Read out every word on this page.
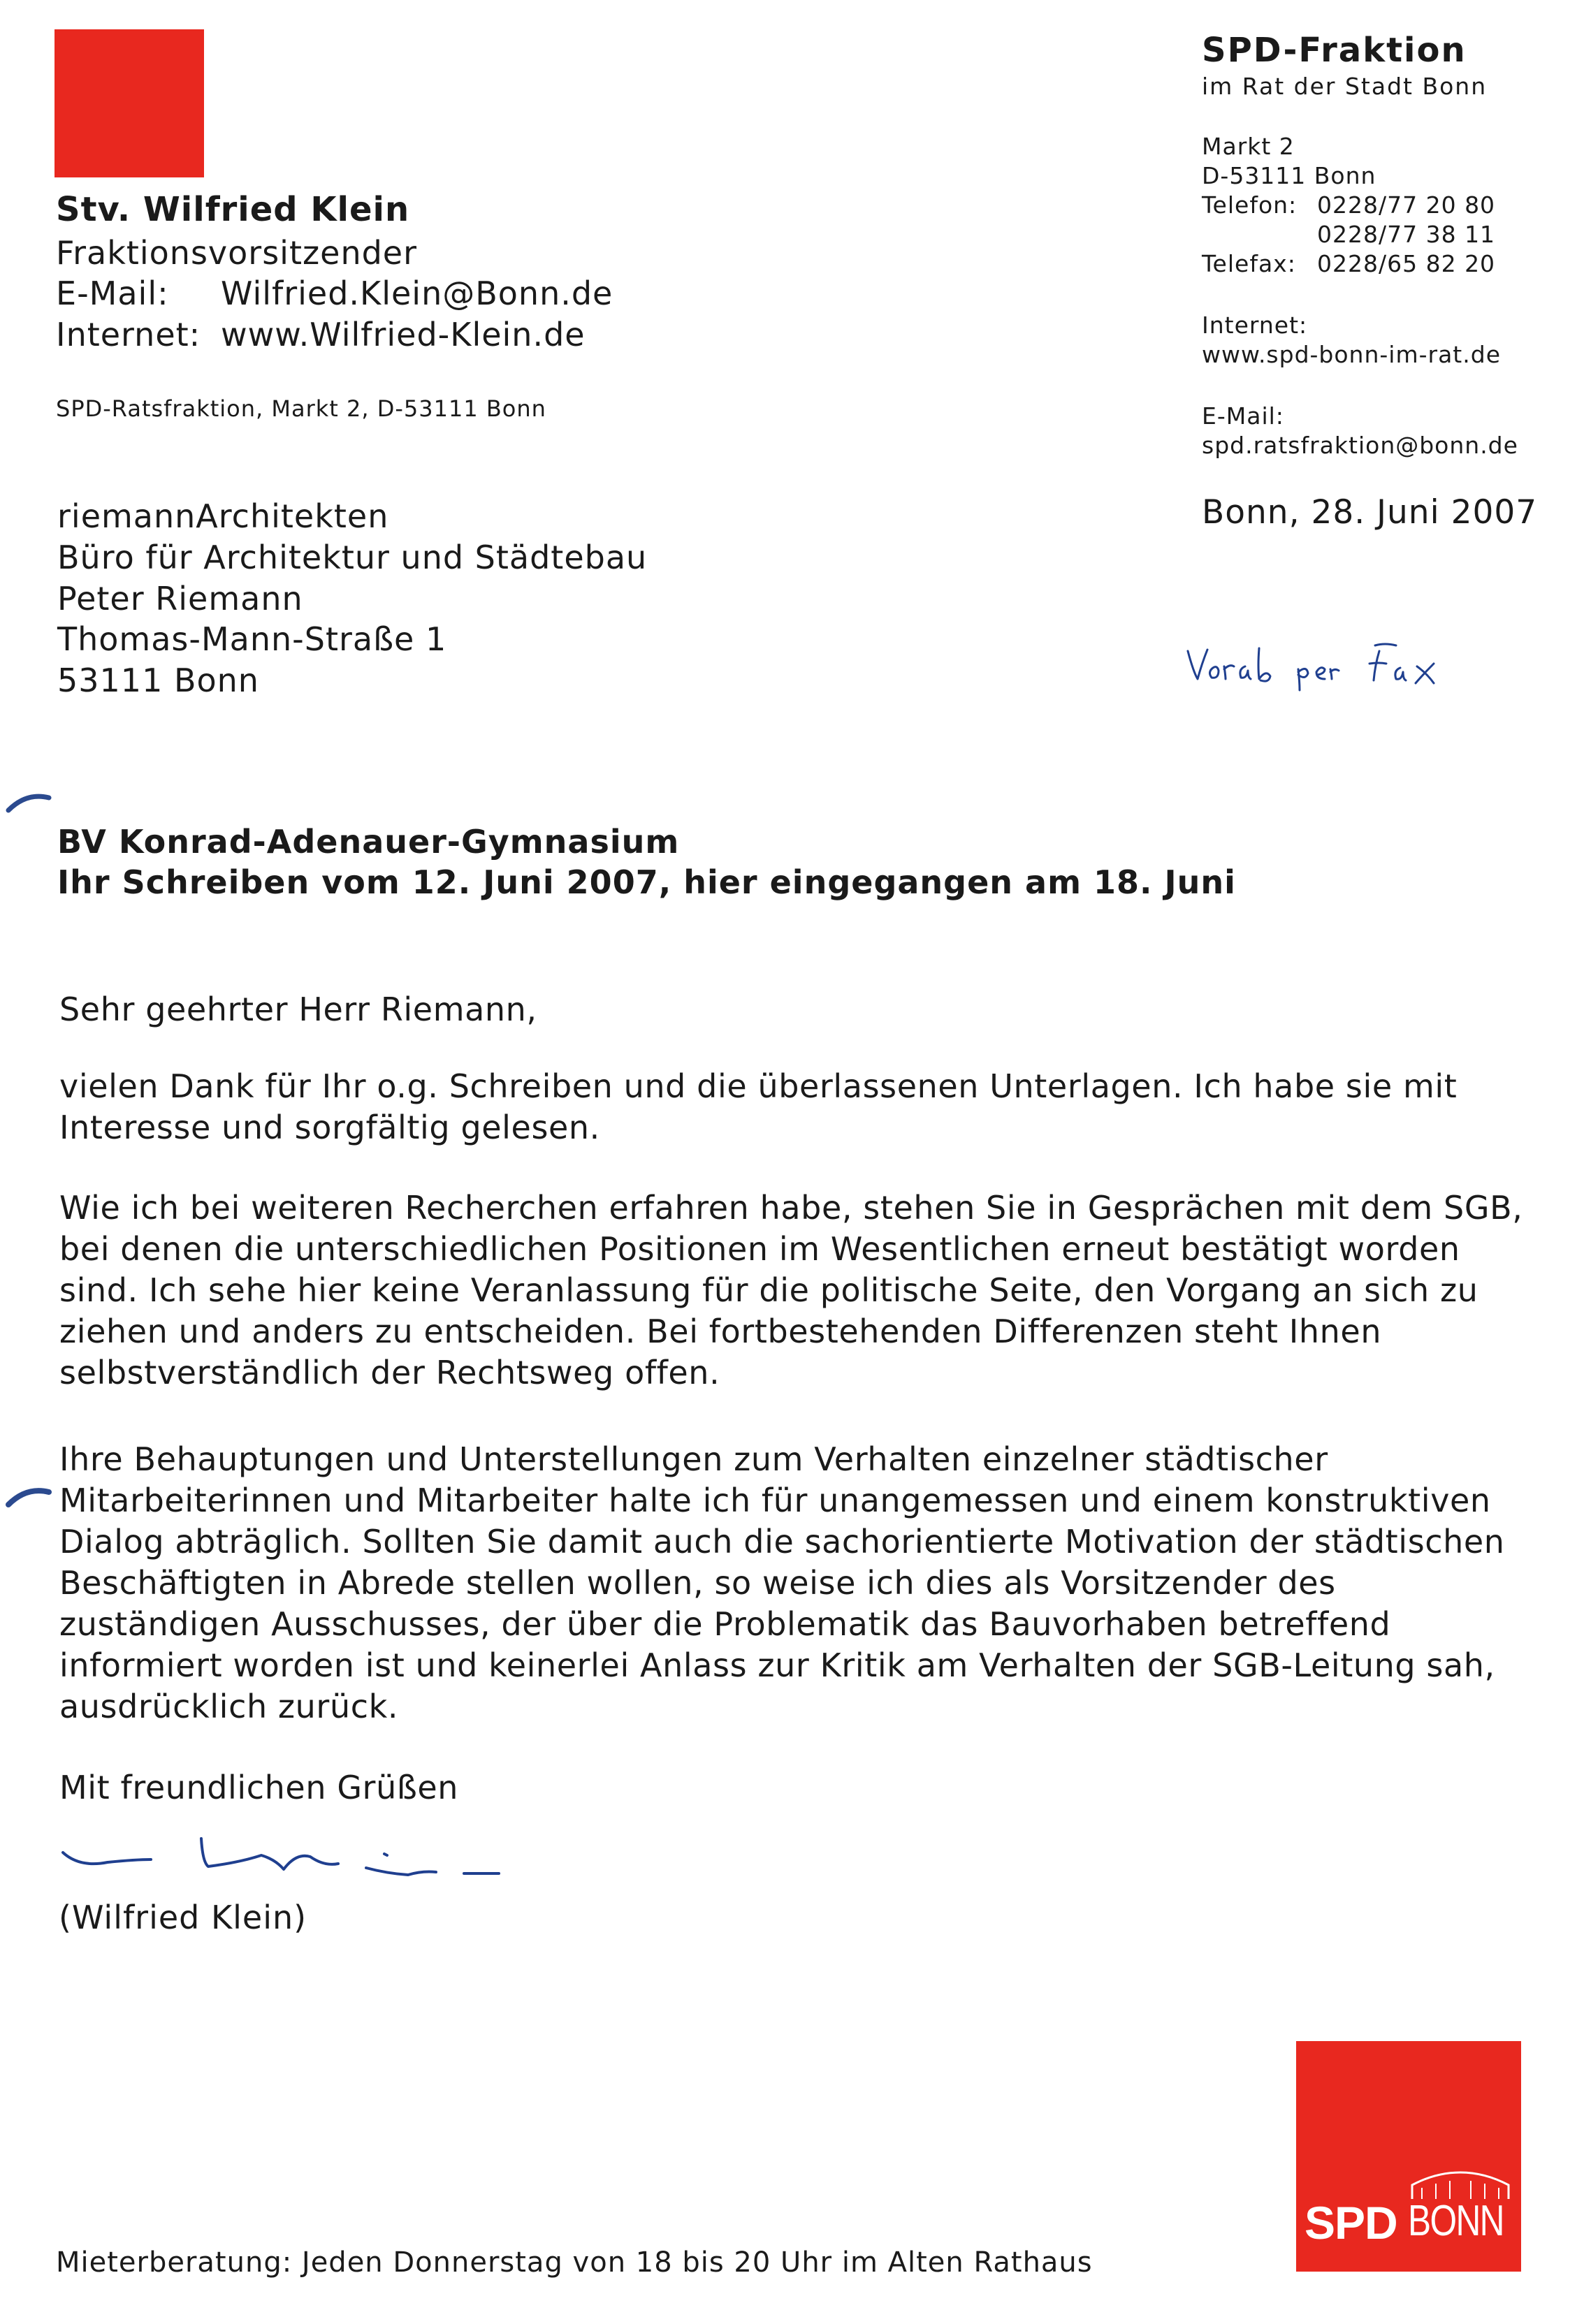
Stv. Wilfried Klein
Fraktionsvorsitzender
E-Mail: Wilfried.Klein@Bonn.de
Internet: www.Wilfried-Klein.de
SPD-Ratsfraktion, Markt 2, D-53111 Bonn
riemannArchitekten
Büro für Architektur und Städtebau
Peter Riemann
Thomas-Mann-Straße 1
53111 Bonn
SPD-Fraktion
im Rat der Stadt Bonn
Markt 2
D-53111 Bonn
Telefon: 0228/77 20 80
0228/77 38 11
Telefax: 0228/65 82 20
Internet:
www.spd-bonn-im-rat.de
E-Mail:
spd.ratsfraktion@bonn.de
Bonn, 28. Juni 2007
BV Konrad-Adenauer-Gymnasium
Ihr Schreiben vom 12. Juni 2007, hier eingegangen am 18. Juni
Sehr geehrter Herr Riemann,

vielen Dank für Ihr o.g. Schreiben und die überlassenen Unterlagen. Ich habe sie mit Interesse und sorgfältig gelesen.

Wie ich bei weiteren Recherchen erfahren habe, stehen Sie in Gesprächen mit dem SGB, bei denen die unterschiedlichen Positionen im Wesentlichen erneut bestätigt worden sind. Ich sehe hier keine Veranlassung für die politische Seite, den Vorgang an sich zu ziehen und anders zu entscheiden. Bei fortbestehenden Differenzen steht Ihnen selbstverständlich der Rechtsweg offen.

Ihre Behauptungen und Unterstellungen zum Verhalten einzelner städtischer Mitarbeiterinnen und Mitarbeiter halte ich für unangemessen und einem konstruktiven Dialog abträglich. Sollten Sie damit auch die sachorientierte Motivation der städtischen Beschäftigten in Abrede stellen wollen, so weise ich dies als Vorsitzender des zuständigen Ausschusses, der über die Problematik das Bauvorhaben betreffend informiert worden ist und keinerlei Anlass zur Kritik am Verhalten der SGB-Leitung sah, ausdrücklich zurück.

Mit freundlichen Grüßen
(Wilfried Klein)
Mieterberatung: Jeden Donnerstag von 18 bis 20 Uhr im Alten Rathaus
SPD BONN
